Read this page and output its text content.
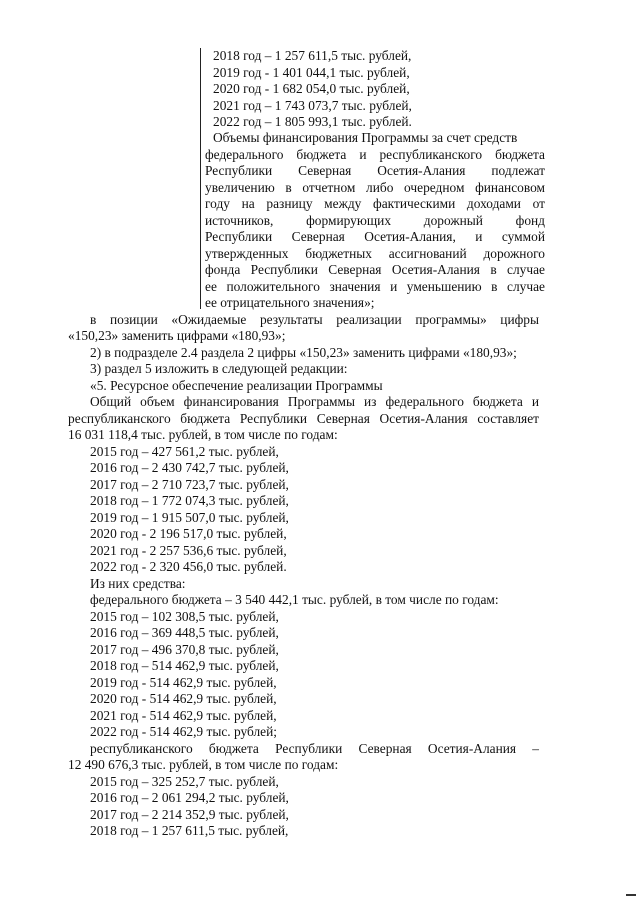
2018 год – 1 257 611,5 тыс. рублей,
2019 год - 1 401 044,1 тыс. рублей,
2020 год - 1 682 054,0 тыс. рублей,
2021 год – 1 743 073,7 тыс. рублей,
2022 год – 1 805 993,1 тыс. рублей.
Объемы финансирования Программы за счет средств
федерального бюджета и республиканского бюджета
Республики Северная Осетия-Алания подлежат
увеличению в отчетном либо очередном финансовом
году на разницу между фактическими доходами от
источников, формирующих дорожный фонд
Республики Северная Осетия-Алания, и суммой
утвержденных бюджетных ассигнований дорожного
фонда Республики Северная Осетия-Алания в случае
ее положительного значения и уменьшению в случае
ее отрицательного значения»;
в позиции «Ожидаемые результаты реализации программы» цифры
«150,23» заменить цифрами «180,93»;
2) в подразделе 2.4 раздела 2 цифры «150,23» заменить цифрами «180,93»;
3) раздел 5 изложить в следующей редакции:
«5. Ресурсное обеспечение реализации Программы
Общий объем финансирования Программы из федерального бюджета и
республиканского бюджета Республики Северная Осетия-Алания составляет
16 031 118,4 тыс. рублей, в том числе по годам:
2015 год – 427 561,2 тыс. рублей,
2016 год – 2 430 742,7 тыс. рублей,
2017 год – 2 710 723,7 тыс. рублей,
2018 год – 1 772 074,3 тыс. рублей,
2019 год – 1 915 507,0 тыс. рублей,
2020 год - 2 196 517,0 тыс. рублей,
2021 год - 2 257 536,6 тыс. рублей,
2022 год - 2 320 456,0 тыс. рублей.
Из них средства:
федерального бюджета – 3 540 442,1 тыс. рублей, в том числе по годам:
2015 год – 102 308,5 тыс. рублей,
2016 год – 369 448,5 тыс. рублей,
2017 год – 496 370,8 тыс. рублей,
2018 год – 514 462,9 тыс. рублей,
2019 год - 514 462,9 тыс. рублей,
2020 год - 514 462,9 тыс. рублей,
2021 год - 514 462,9 тыс. рублей,
2022 год - 514 462,9 тыс. рублей;
республиканского бюджета Республики Северная Осетия-Алания –
12 490 676,3 тыс. рублей, в том числе по годам:
2015 год – 325 252,7 тыс. рублей,
2016 год – 2 061 294,2 тыс. рублей,
2017 год – 2 214 352,9 тыс. рублей,
2018 год – 1 257 611,5 тыс. рублей,
